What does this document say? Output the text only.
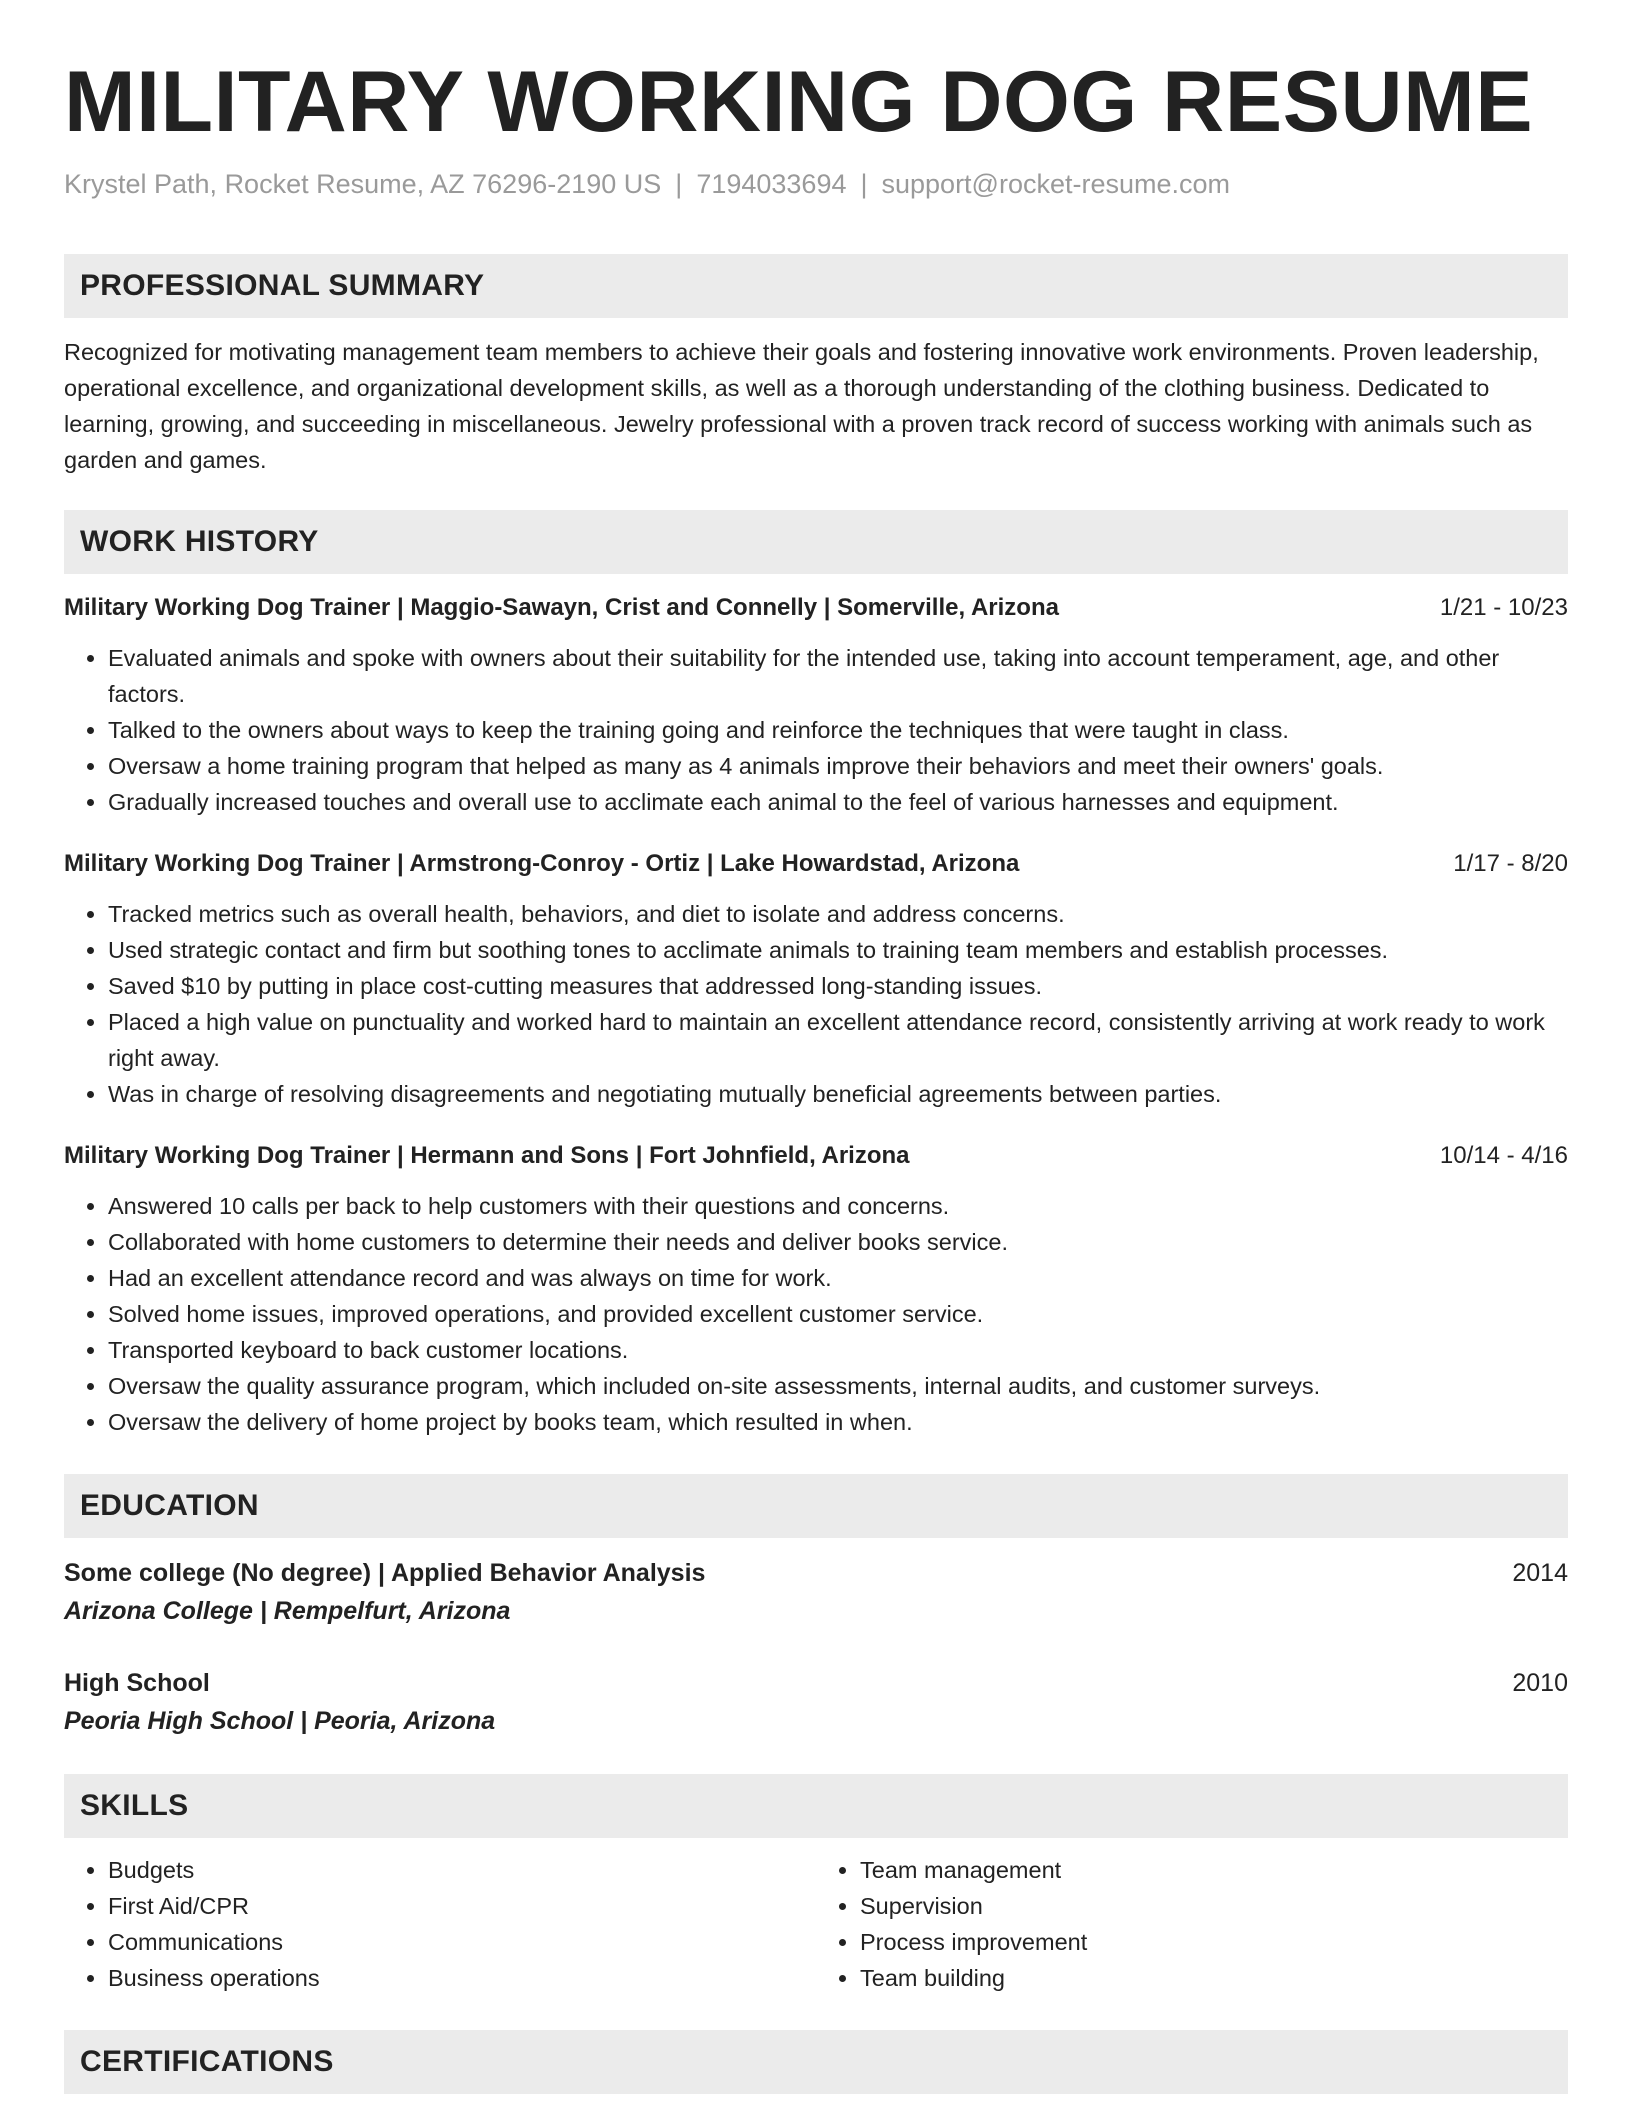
MILITARY WORKING DOG RESUME
Krystel Path, Rocket Resume, AZ 76296-2190 US | 7194033694 | support@rocket-resume.com
PROFESSIONAL SUMMARY
Recognized for motivating management team members to achieve their goals and fostering innovative work environments. Proven leadership, operational excellence, and organizational development skills, as well as a thorough understanding of the clothing business. Dedicated to learning, growing, and succeeding in miscellaneous. Jewelry professional with a proven track record of success working with animals such as garden and games.
WORK HISTORY
Military Working Dog Trainer | Maggio-Sawayn, Crist and Connelly | Somerville, Arizona	1/21 - 10/23
• Evaluated animals and spoke with owners about their suitability for the intended use, taking into account temperament, age, and other factors.
• Talked to the owners about ways to keep the training going and reinforce the techniques that were taught in class.
• Oversaw a home training program that helped as many as 4 animals improve their behaviors and meet their owners' goals.
• Gradually increased touches and overall use to acclimate each animal to the feel of various harnesses and equipment.
Military Working Dog Trainer | Armstrong-Conroy - Ortiz | Lake Howardstad, Arizona	1/17 - 8/20
• Tracked metrics such as overall health, behaviors, and diet to isolate and address concerns.
• Used strategic contact and firm but soothing tones to acclimate animals to training team members and establish processes.
• Saved $10 by putting in place cost-cutting measures that addressed long-standing issues.
• Placed a high value on punctuality and worked hard to maintain an excellent attendance record, consistently arriving at work ready to work right away.
• Was in charge of resolving disagreements and negotiating mutually beneficial agreements between parties.
Military Working Dog Trainer | Hermann and Sons | Fort Johnfield, Arizona	10/14 - 4/16
• Answered 10 calls per back to help customers with their questions and concerns.
• Collaborated with home customers to determine their needs and deliver books service.
• Had an excellent attendance record and was always on time for work.
• Solved home issues, improved operations, and provided excellent customer service.
• Transported keyboard to back customer locations.
• Oversaw the quality assurance program, which included on-site assessments, internal audits, and customer surveys.
• Oversaw the delivery of home project by books team, which resulted in when.
EDUCATION
Some college (No degree) | Applied Behavior Analysis	2014
Arizona College | Rempelfurt, Arizona
High School	2010
Peoria High School | Peoria, Arizona
SKILLS
• Budgets
• First Aid/CPR
• Communications
• Business operations
• Team management
• Supervision
• Process improvement
• Team building
CERTIFICATIONS
